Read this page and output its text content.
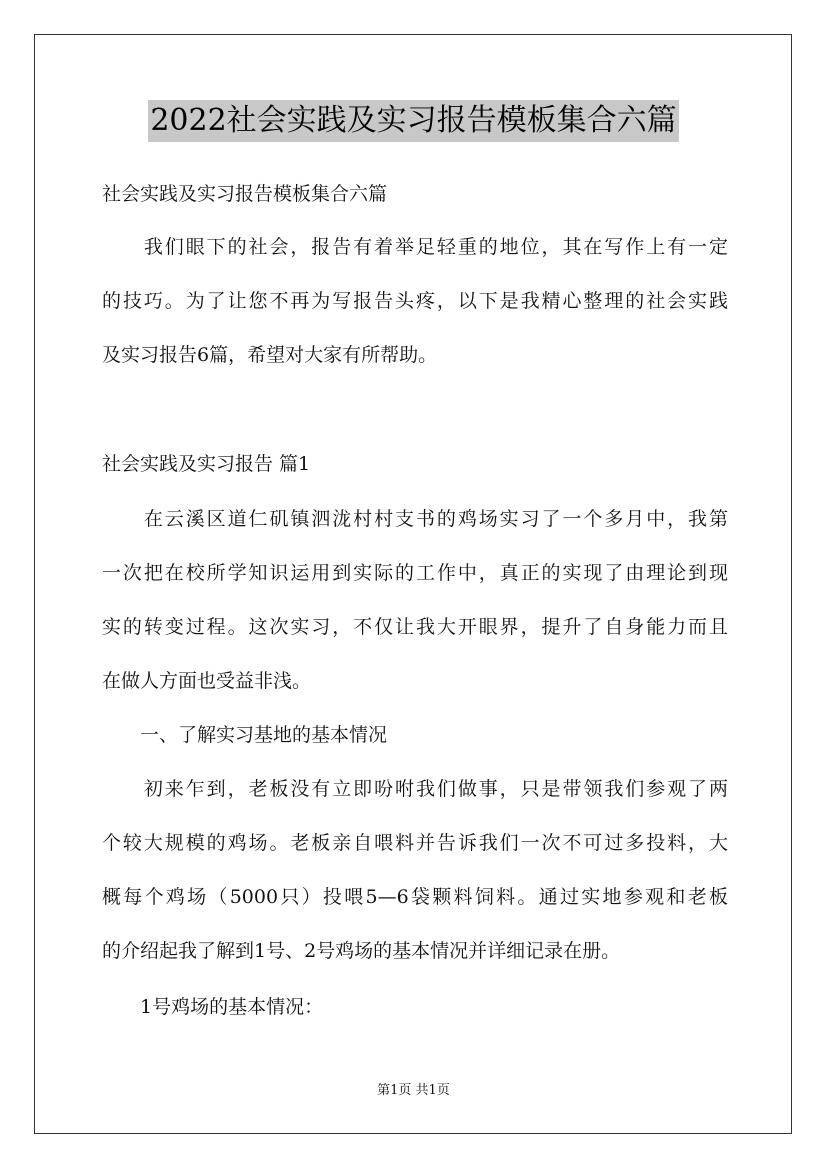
2022社会实践及实习报告模板集合六篇
社会实践及实习报告模板集合六篇
　　我们眼下的社会，报告有着举足轻重的地位，其在写作上有一定
的技巧。为了让您不再为写报告头疼，以下是我精心整理的社会实践
及实习报告6篇，希望对大家有所帮助。
社会实践及实习报告 篇1
　　在云溪区道仁矶镇泗泷村村支书的鸡场实习了一个多月中，我第
一次把在校所学知识运用到实际的工作中，真正的实现了由理论到现
实的转变过程。这次实习，不仅让我大开眼界，提升了自身能力而且
在做人方面也受益非浅。
　　一、了解实习基地的基本情况
　　初来乍到，老板没有立即吩咐我们做事，只是带领我们参观了两
个较大规模的鸡场。老板亲自喂料并告诉我们一次不可过多投料，大
概每个鸡场（5000只）投喂5—6袋颗料饲料。通过实地参观和老板
的介绍起我了解到1号、2号鸡场的基本情况并详细记录在册。
　　1号鸡场的基本情况：
第1页 共1页
